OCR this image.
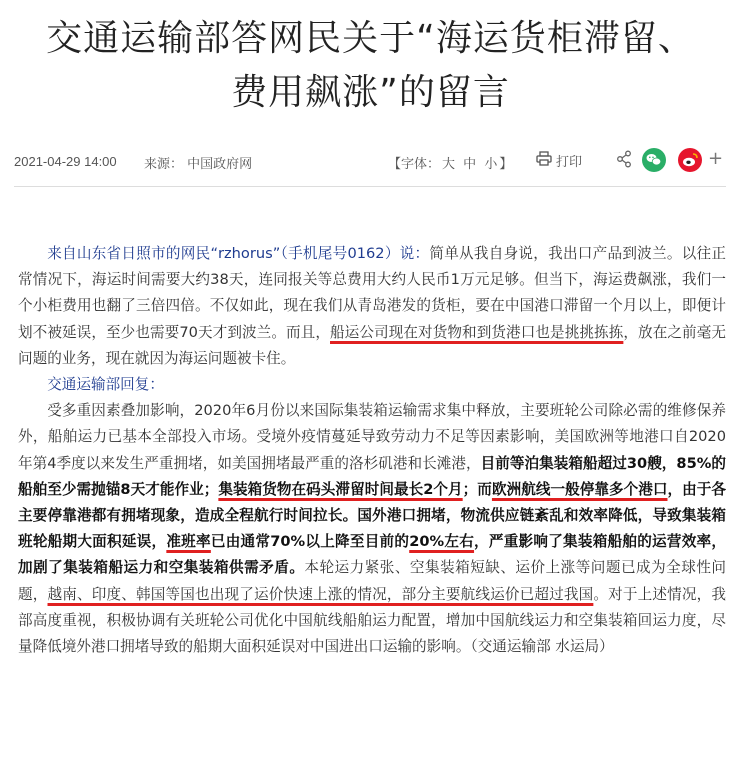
交通运输部答网民关于“海运货柜滞留、
费用飙涨”的留言
2021-04-29 14:00 来源： 中国政府网	【字体： 大 中 小 】	打印	+

来自山东省日照市的网民“rzhorus”（手机尾号0162）说：简单从我自身说，我出口产品到波兰。以往正常情况下，海运时间需要大约38天，连同报关等总费用大约人民币1万元足够。但当下，海运费飙涨，我们一个小柜费用也翻了三倍四倍。不仅如此，现在我们从青岛港发的货柜，要在中国港口滞留一个月以上，即便计划不被延误，至少也需要70天才到波兰。而且，船运公司现在对货物和到货港口也是挑挑拣拣，放在之前毫无问题的业务，现在就因为海运问题被卡住。

交通运输部回复：

受多重因素叠加影响，2020年6月份以来国际集装箱运输需求集中释放，主要班轮公司除必需的维修保养外，船舶运力已基本全部投入市场。受境外疫情蔓延导致劳动力不足等因素影响，美国欧洲等地港口自2020年第4季度以来发生严重拥堵，如美国拥堵最严重的洛杉矶港和长滩港，目前等泊集装箱船超过30艘，85%的船舶至少需抛锚8天才能作业；集装箱货物在码头滞留时间最长2个月；而欧洲航线一般停靠多个港口，由于各主要停靠港都有拥堵现象，造成全程航行时间拉长。国外港口拥堵，物流供应链紊乱和效率降低，导致集装箱班轮船期大面积延误，准班率已由通常70%以上降至目前的20%左右，严重影响了集装箱船舶的运营效率，加剧了集装箱船运力和空集装箱供需矛盾。本轮运力紧张、空集装箱短缺、运价上涨等问题已成为全球性问题，越南、印度、韩国等国也出现了运价快速上涨的情况，部分主要航线运价已超过我国。对于上述情况，我部高度重视，积极协调有关班轮公司优化中国航线船舶运力配置，增加中国航线运力和空集装箱回运力度，尽量降低境外港口拥堵导致的船期大面积延误对中国进出口运输的影响。（交通运输部 水运局）
